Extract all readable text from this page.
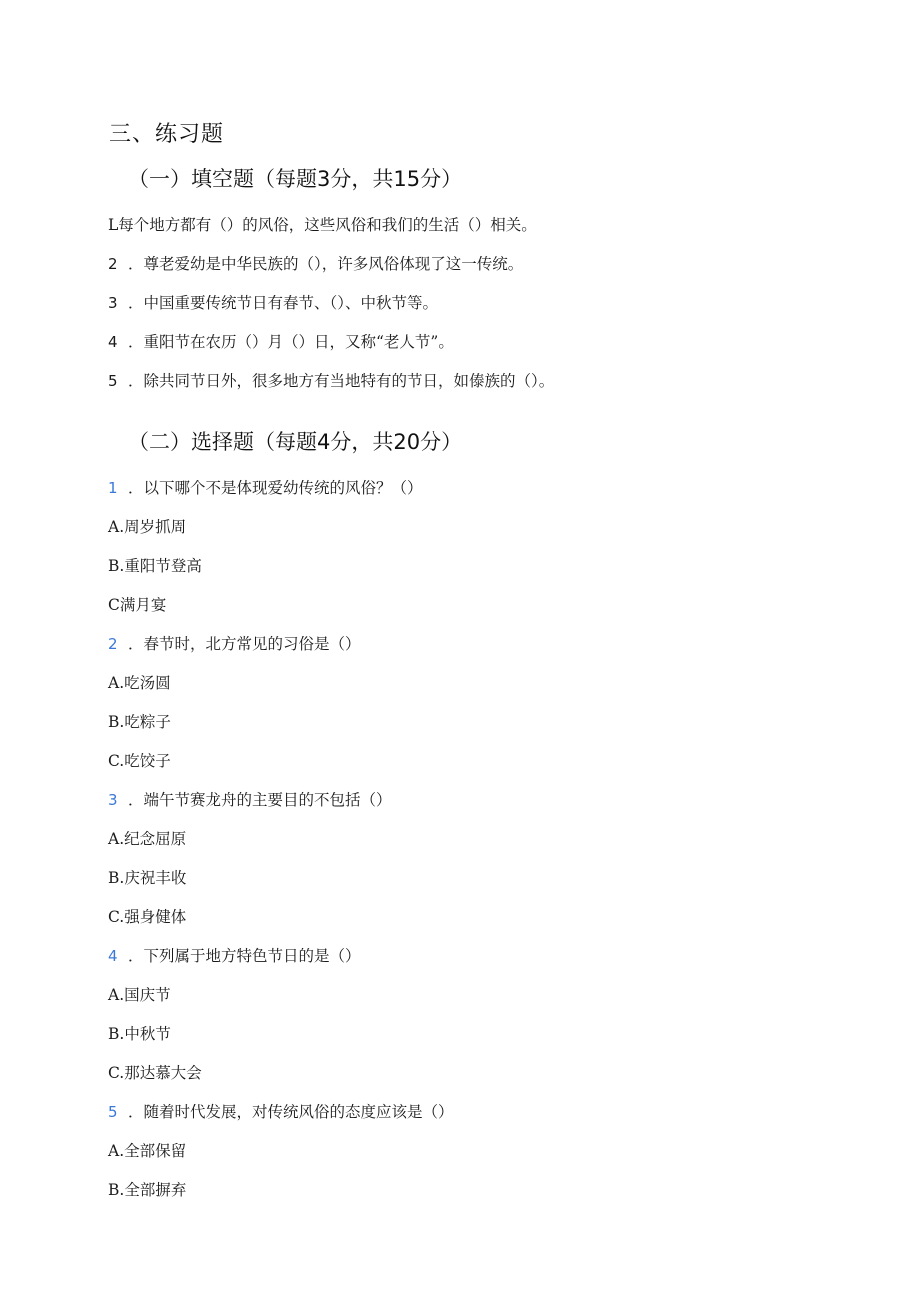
三、练习题
（一）填空题（每题3分，共15分）
L每个地方都有（）的风俗，这些风俗和我们的生活（）相关。
2 ．尊老爱幼是中华民族的（），许多风俗体现了这一传统。
3 ．中国重要传统节日有春节、（）、中秋节等。
4 ．重阳节在农历（）月（）日，又称“老人节”。
5 ．除共同节日外，很多地方有当地特有的节日，如傣族的（）。
（二）选择题（每题4分，共20分）
1 ．以下哪个不是体现爱幼传统的风俗？（）
A.周岁抓周
B.重阳节登高
C满月宴
2 ．春节时，北方常见的习俗是（）
A.吃汤圆
B.吃粽子
C.吃饺子
3 ．端午节赛龙舟的主要目的不包括（）
A.纪念屈原
B.庆祝丰收
C.强身健体
4 ．下列属于地方特色节日的是（）
A.国庆节
B.中秋节
C.那达慕大会
5 ．随着时代发展，对传统风俗的态度应该是（）
A.全部保留
B.全部摒弃
